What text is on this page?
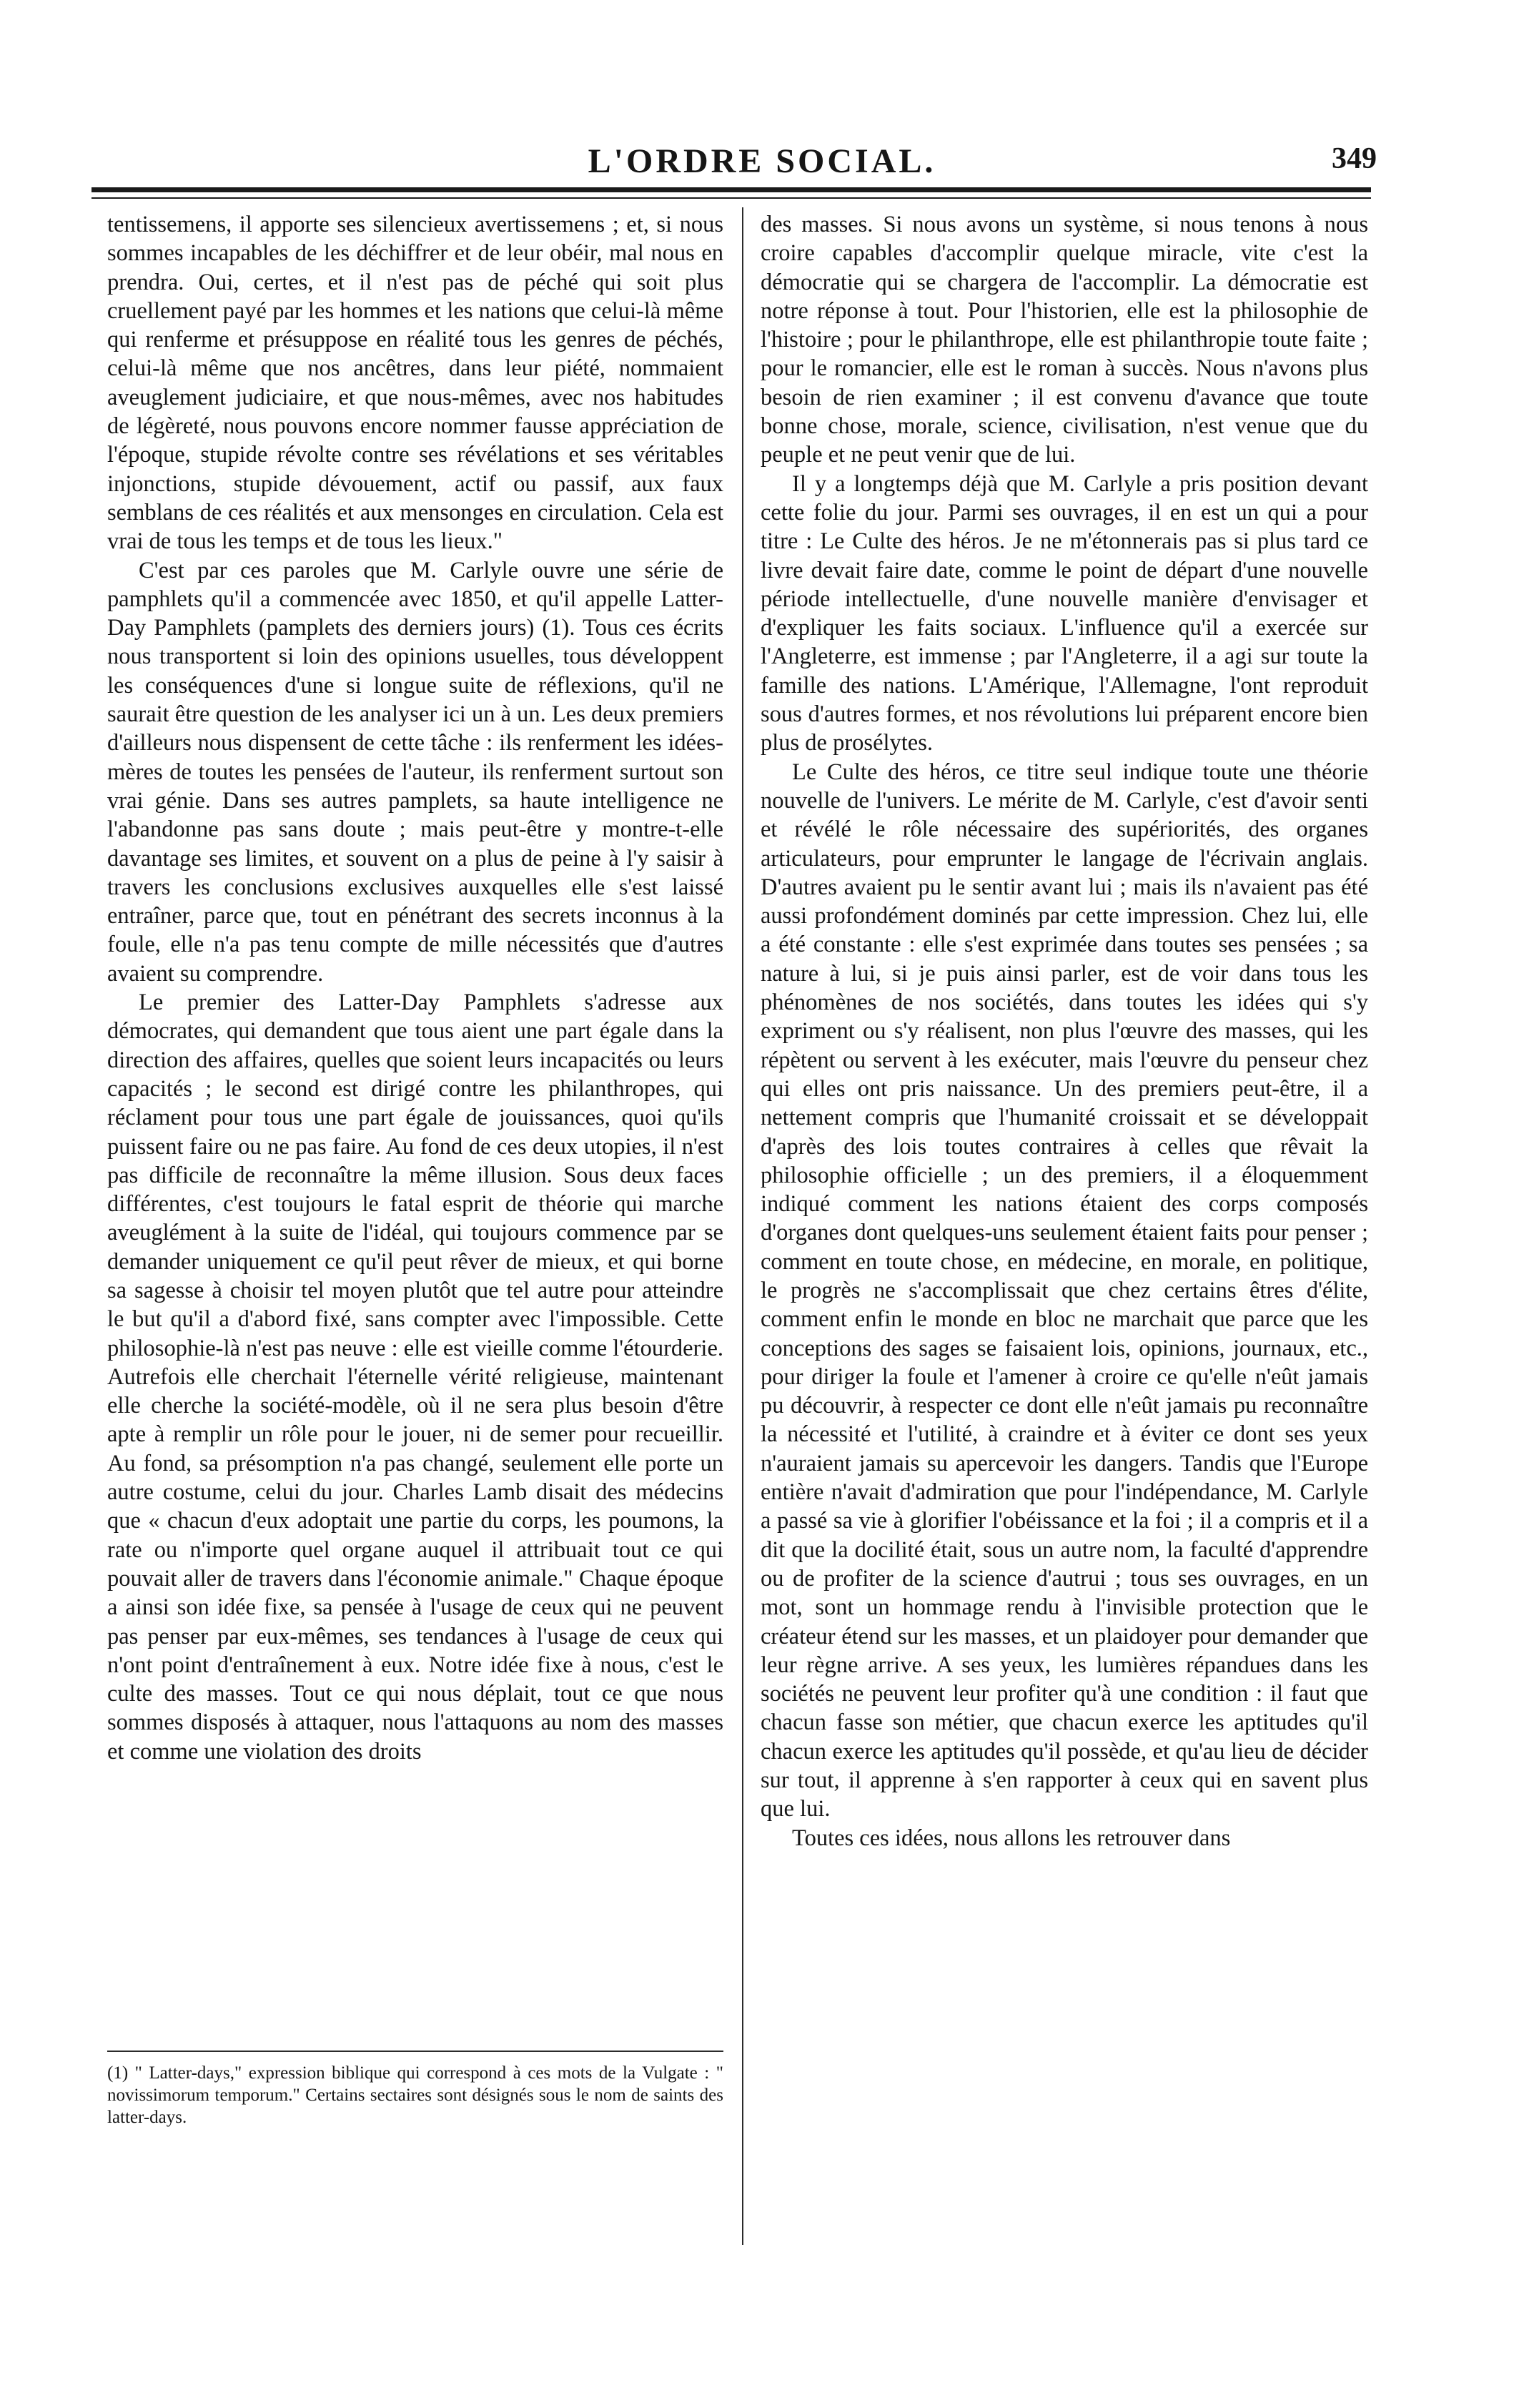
L'ORDRE SOCIAL.	349

tentissemens, il apporte ses silencieux avertissemens ; et, si nous sommes incapables de les déchiffrer et de leur obéir, mal nous en prendra. Oui, certes, et il n'est pas de péché qui soit plus cruellement payé par les hommes et les nations que celui-là même qui renferme et présuppose en réalité tous les genres de péchés, celui-là même que nos ancêtres, dans leur piété, nommaient aveuglement judiciaire, et que nous-mêmes, avec nos habitudes de légèreté, nous pouvons encore nommer fausse appréciation de l'époque, stupide révolte contre ses révélations et ses véritables injonctions, stupide dévouement, actif ou passif, aux faux semblans de ces réalités et aux mensonges en circulation. Cela est vrai de tous les temps et de tous les lieux."

C'est par ces paroles que M. Carlyle ouvre une série de pamphlets qu'il a commencée avec 1850, et qu'il appelle Latter-Day Pamphlets (pamplets des derniers jours) (1). Tous ces écrits nous transportent si loin des opinions usuelles, tous développent les conséquences d'une si longue suite de réflexions, qu'il ne saurait être question de les analyser ici un à un. Les deux premiers d'ailleurs nous dispensent de cette tâche : ils renferment les idées-mères de toutes les pensées de l'auteur, ils renferment surtout son vrai génie. Dans ses autres pamplets, sa haute intelligence ne l'abandonne pas sans doute ; mais peut-être y montre-t-elle davantage ses limites, et souvent on a plus de peine à l'y saisir à travers les conclusions exclusives auxquelles elle s'est laissé entraîner, parce que, tout en pénétrant des secrets inconnus à la foule, elle n'a pas tenu compte de mille nécessités que d'autres avaient su comprendre.

Le premier des Latter-Day Pamphlets s'adresse aux démocrates, qui demandent que tous aient une part égale dans la direction des affaires, quelles que soient leurs incapacités ou leurs capacités ; le second est dirigé contre les philanthropes, qui réclament pour tous une part égale de jouissances, quoi qu'ils puissent faire ou ne pas faire. Au fond de ces deux utopies, il n'est pas difficile de reconnaître la même illusion. Sous deux faces différentes, c'est toujours le fatal esprit de théorie qui marche aveuglément à la suite de l'idéal, qui toujours commence par se demander uniquement ce qu'il peut rêver de mieux, et qui borne sa sagesse à choisir tel moyen plutôt que tel autre pour atteindre le but qu'il a d'abord fixé, sans compter avec l'impossible. Cette philosophie-là n'est pas neuve : elle est vieille comme l'étourderie. Autrefois elle cherchait l'éternelle vérité religieuse, maintenant elle cherche la société-modèle, où il ne sera plus besoin d'être apte à remplir un rôle pour le jouer, ni de semer pour recueillir. Au fond, sa présomption n'a pas changé, seulement elle porte un autre costume, celui du jour. Charles Lamb disait des médecins que « chacun d'eux adoptait une partie du corps, les poumons, la rate ou n'importe quel organe auquel il attribuait tout ce qui pouvait aller de travers dans l'économie animale." Chaque époque a ainsi son idée fixe, sa pensée à l'usage de ceux qui ne peuvent pas penser par eux-mêmes, ses tendances à l'usage de ceux qui n'ont point d'entraînement à eux. Notre idée fixe à nous, c'est le culte des masses. Tout ce qui nous déplait, tout ce que nous sommes disposés à attaquer, nous l'attaquons au nom des masses et comme une violation des droits

des masses. Si nous avons un système, si nous tenons à nous croire capables d'accomplir quelque miracle, vite c'est la démocratie qui se chargera de l'accomplir. La démocratie est notre réponse à tout. Pour l'historien, elle est la philosophie de l'histoire ; pour le philanthrope, elle est philanthropie toute faite ; pour le romancier, elle est le roman à succès. Nous n'avons plus besoin de rien examiner ; il est convenu d'avance que toute bonne chose, morale, science, civilisation, n'est venue que du peuple et ne peut venir que de lui.

Il y a longtemps déjà que M. Carlyle a pris position devant cette folie du jour. Parmi ses ouvrages, il en est un qui a pour titre : Le Culte des héros. Je ne m'étonnerais pas si plus tard ce livre devait faire date, comme le point de départ d'une nouvelle période intellectuelle, d'une nouvelle manière d'envisager et d'expliquer les faits sociaux. L'influence qu'il a exercée sur l'Angleterre, est immense ; par l'Angleterre, il a agi sur toute la famille des nations. L'Amérique, l'Allemagne, l'ont reproduit sous d'autres formes, et nos révolutions lui préparent encore bien plus de prosélytes.

Le Culte des héros, ce titre seul indique toute une théorie nouvelle de l'univers. Le mérite de M. Carlyle, c'est d'avoir senti et révélé le rôle nécessaire des supériorités, des organes articulateurs, pour emprunter le langage de l'écrivain anglais. D'autres avaient pu le sentir avant lui ; mais ils n'avaient pas été aussi profondément dominés par cette impression. Chez lui, elle a été constante : elle s'est exprimée dans toutes ses pensées ; sa nature à lui, si je puis ainsi parler, est de voir dans tous les phénomènes de nos sociétés, dans toutes les idées qui s'y expriment ou s'y réalisent, non plus l'œuvre des masses, qui les répètent ou servent à les exécuter, mais l'œuvre du penseur chez qui elles ont pris naissance. Un des premiers peut-être, il a nettement compris que l'humanité croissait et se développait d'après des lois toutes contraires à celles que rêvait la philosophie officielle ; un des premiers, il a éloquemment indiqué comment les nations étaient des corps composés d'organes dont quelques-uns seulement étaient faits pour penser ; comment en toute chose, en médecine, en morale, en politique, le progrès ne s'accomplissait que chez certains êtres d'élite, comment enfin le monde en bloc ne marchait que parce que les conceptions des sages se faisaient lois, opinions, journaux, etc., pour diriger la foule et l'amener à croire ce qu'elle n'eût jamais pu découvrir, à respecter ce dont elle n'eût jamais pu reconnaître la nécessité et l'utilité, à craindre et à éviter ce dont ses yeux n'auraient jamais su apercevoir les dangers. Tandis que l'Europe entière n'avait d'admiration que pour l'indépendance, M. Carlyle a passé sa vie à glorifier l'obéissance et la foi ; il a compris et il a dit que la docilité était, sous un autre nom, la faculté d'apprendre ou de profiter de la science d'autrui ; tous ses ouvrages, en un mot, sont un hommage rendu à l'invisible protection que le créateur étend sur les masses, et un plaidoyer pour demander que leur règne arrive. A ses yeux, les lumières répandues dans les sociétés ne peuvent leur profiter qu'à une condition : il faut que chacun fasse son métier, que chacun exerce les aptitudes qu'il chacun exerce les aptitudes qu'il possède, et qu'au lieu de décider sur tout, il apprenne à s'en rapporter à ceux qui en savent plus que lui.

Toutes ces idées, nous allons les retrouver dans

(1) " Latter-days," expression biblique qui correspond à ces mots de la Vulgate : " novissimorum temporum." Certains sectaires sont désignés sous le nom de saints des latter-days.
